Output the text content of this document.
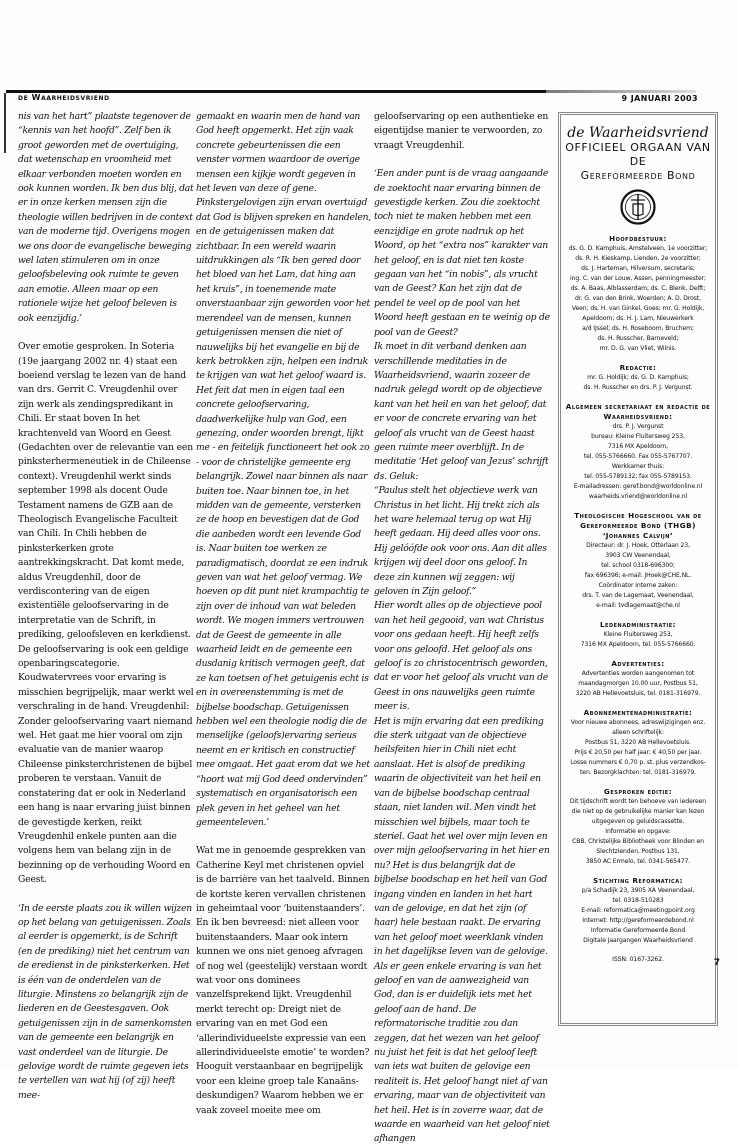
de Waarheidsvriend	9 JANUARI 2003

nis van het hart” plaatste tegenover de “kennis van het hoofd”. Zelf ben ik groot geworden met de overtuiging, dat wetenschap en vroomheid met elkaar verbonden moeten worden en ook kunnen worden. Ik ben dus blij, dat er in onze kerken mensen zijn die theologie willen bedrijven in de context van de moderne tijd. Overigens mogen we ons door de evangelische beweging wel laten stimuleren om in onze geloofsbeleving ook ruimte te geven aan emotie. Alleen maar op een rationele wijze het geloof beleven is ook eenzijdig.’

Over emotie gesproken. In Soteria (19e jaargang 2002 nr. 4) staat een boeiend verslag te lezen van de hand van drs. Gerrit C. Vreugdenhil over zijn werk als zendingspredikant in Chili. Er staat boven In het krachtenveld van Woord en Geest (Gedachten over de relevantie van een pinksterhermeneutiek in de Chileense context). Vreugdenhil werkt sinds september 1998 als docent Oude Testament namens de GZB aan de Theologisch Evangelische Faculteit van Chili. In Chili hebben de pinksterkerken grote aantrekkingskracht. Dat komt mede, aldus Vreugdenhil, door de verdiscontering van de eigen existentiële geloofservaring in de interpretatie van de Schrift, in prediking, geloofsleven en kerkdienst. De geloofservaring is ook een geldige openbaringscategorie. Koudwatervrees voor ervaring is misschien begrijpelijk, maar werkt wel verschraling in de hand. Vreugdenhil: Zonder geloofservaring vaart niemand wel. Het gaat me hier vooral om zijn evaluatie van de manier waarop Chileense pinksterchristenen de bijbel proberen te verstaan. Vanuit de constatering dat er ook in Nederland een hang is naar ervaring juist binnen de gevestigde kerken, reikt Vreugdenhil enkele punten aan die volgens hem van belang zijn in de bezinning op de verhouding Woord en Geest.

‘In de eerste plaats zou ik willen wijzen op het belang van getuigenissen. Zoals al eerder is opgemerkt, is de Schrift (en de prediking) niet het centrum van de eredienst in de pinksterkerken. Het is één van de onderdelen van de liturgie. Minstens zo belangrijk zijn de liederen en de Geestesgaven. Ook getuigenissen zijn in de samenkomsten van de gemeente een belangrijk en vast onderdeel van de liturgie. De gelovige wordt de ruimte gegeven iets te vertellen van wat hij (of zij) heeft mee-

gemaakt en waarin men de hand van God heeft opgemerkt. Het zijn vaak concrete gebeurtenissen die een venster vormen waardoor de overige mensen een kijkje wordt gegeven in het leven van deze of gene. Pinkstergelovigen zijn ervan overtuigd dat God is blijven spreken en handelen, en de getuigenissen maken dat zichtbaar. In een wereld waarin uitdrukkingen als “Ik ben gered door het bloed van het Lam, dat hing aan het kruis”, in toenemende mate onverstaanbaar zijn geworden voor het merendeel van de mensen, kunnen getuigenissen mensen die niet of nauwelijks bij het evangelie en bij de kerk betrokken zijn, helpen een indruk te krijgen van wat het geloof waard is. Het feit dat men in eigen taal een concrete geloofservaring, daadwerkelijke hulp van God, een genezing, onder woorden brengt, lijkt me - en feitelijk functioneert het ook zo - voor de christelijke gemeente erg belangrijk. Zowel naar binnen als naar buiten toe. Naar binnen toe, in het midden van de gemeente, versterken ze de hoop en bevestigen dat de God die aanbeden wordt een levende God is. Naar buiten toe werken ze paradigmatisch, doordat ze een indruk geven van wat het geloof vermag. We hoeven op dit punt niet krampachtig te zijn over de inhoud van wat beleden wordt. We mogen immers vertrouwen dat de Geest de gemeente in alle waarheid leidt en de gemeente een dusdanig kritisch vermogen geeft, dat ze kan toetsen of het getuigenis echt is en in overeenstemming is met de bijbelse boodschap. Getuigenissen hebben wel een theologie nodig die de menselijke (geloofs)ervaring serieus neemt en er kritisch en constructief mee omgaat. Het gaat erom dat we het “hoort wat mij God deed ondervinden” systematisch en organisatorisch een plek geven in het geheel van het gemeenteleven.’

Wat me in genoemde gesprekken van Catherine Keyl met christenen opviel is de barrière van het taalveld. Binnen de kortste keren vervallen christenen in geheimtaal voor ‘buitenstaanders’. En ik ben bevreesd: niet alleen voor buitenstaanders. Maar ook intern kunnen we ons niet genoeg afvragen of nog wel (geestelijk) verstaan wordt wat voor ons dominees vanzelfsprekend lijkt. Vreugdenhil merkt terecht op: Dreigt niet de ervaring van en met God een ‘allerindividueelste expressie van een allerindividueelste emotie’ te worden? Hooguit verstaanbaar en begrijpelijk voor een kleine groep tale Kanaäns-deskundigen? Waarom hebben we er vaak zoveel moeite mee om

geloofservaring op een authentieke en eigentijdse manier te verwoorden, zo vraagt Vreugdenhil.

‘Een ander punt is de vraag aangaande de zoektocht naar ervaring binnen de gevestigde kerken. Zou die zoektocht toch niet te maken hebben met een eenzijdige en grote nadruk op het Woord, op het “extra nos” karakter van het geloof, en is dat niet ten koste gegaan van het “in nobis”, als vrucht van de Geest? Kan het zijn dat de pendel te veel op de pool van het Woord heeft gestaan en te weinig op de pool van de Geest?

Ik moet in dit verband denken aan verschillende meditaties in de Waarheidsvriend, waarin zozeer de nadruk gelegd wordt op de objectieve kant van het heil en van het geloof, dat er voor de concrete ervaring van het geloof als vrucht van de Geest haast geen ruimte meer overblijft. In de meditatie ‘Het geloof van Jezus’ schrijft ds. Geluk:

“Paulus stelt het objectieve werk van Christus in het licht. Hij trekt zich als het ware helemaal terug op wat Hij heeft gedaan. Hij deed alles voor ons. Hij gelóófde ook voor ons. Aan dit alles krijgen wij deel door ons geloof. In deze zin kunnen wij zeggen: wij geloven in Zijn geloof.”

Hier wordt alles op de objectieve pool van het heil gegooid, van wat Christus voor ons gedaan heeft. Hij heeft zelfs voor ons geloofd. Het geloof als ons geloof is zo christocentrisch geworden, dat er voor het geloof als vrucht van de Geest in ons nauwelijks geen ruimte meer is.

Het is mijn ervaring dat een prediking die sterk uitgaat van de objectieve heilsfeiten hier in Chili niet echt aanslaat. Het is alsof de prediking waarin de objectiviteit van het heil en van de bijbelse boodschap centraal staan, niet landen wil. Men vindt het misschien wel bijbels, maar toch te steriel. Gaat het wel over mijn leven en over mijn geloofservaring in het hier en nu? Het is dus belangrijk dat de bijbelse boodschap en het heil van God ingang vinden en landen in het hart van de gelovige, en dat het zijn (of haar) hele bestaan raakt. De ervaring van het geloof moet weerklank vinden in het dagelijkse leven van de gelovige. Als er geen enkele ervaring is van het geloof en van de aanwezigheid van God, dan is er duidelijk iets met het geloof aan de hand. De reformatorische traditie zou dan zeggen, dat het wezen van het geloof nu juist het feit is dat het geloof leeft van iets wat buiten de gelovige een realiteit is. Het geloof hangt niet af van ervaring, maar van de objectiviteit van het heil. Het is in zoverre waar, dat de waarde en waarheid van het geloof niet afhangen

de Waarheidsvriend
OFFICIEEL ORGAAN VAN DE
Gereformeerde Bond
Hoofdbestuur:
ds. G. D. Kamphuis, Amstelveen, 1e voorzitter;
ds. R. H. Kieskamp, Lienden, 2e voorzitter;
ds. J. Harteman, Hilversum, secretaris;
ing. C. van der Louw, Assen, penningmeester;
ds. A. Baas, Alblasserdam; ds. C. Blenk, Delft;
dr. G. van den Brink, Woerden; A. D. Drost,
Veen; ds. H. van Ginkel, Goes; mr. G. Holdijk,
Apeldoorn; ds. H. J. Lam, Nieuwerkerk
a/d IJssel; ds. H. Roseboom, Bruchem;
ds. H. Russcher, Barneveld;
mr. D. G. van Vliet, Wilnis.
Redactie:
mr. G. Holdijk; ds. G. D. Kamphuis;
ds. H. Russcher en drs. P. J. Vergunst.
Algemeen secretariaat en redactie de Waarheidsvriend:
drs. P. J. Vergunst
bureau: Kleine Fluitersweg 253,
7316 MX Apeldoorn,
tel. 055-5766660. Fax 055-5767707.
Werkkamer thuis:
tel. 055-5789132; fax 055-5789153.
E-mailadressen: geref.bond@worldonline.nl
waarheids.vriend@worldonline.nl
Theologische Hogeschool van de Gereformeerde Bond (THGB) ‘Johannes Calvijn’
Directeur: dr. J. Hoek, Otterlaan 23,
3903 CW Veenendaal,
tel. school 0318-696300;
fax 696396; e-mail: JHoek@CHE.NL.
Coördinator interne zaken:
drs. T. van de Lagemaat, Veenendaal,
e-mail: tvdlagemaat@che.nl
Ledenadministratie:
Kleine Fluitersweg 253,
7316 MX Apeldoorn, tel. 055-5766660.
Advertenties:
Advertenties worden aangenomen tot
maandagmorgen 10.00 uur, Postbus 51,
3220 AB Hellevoetsluis, tel. 0181-316979.
Abonnementenadministratie:
Voor nieuwe abonnees, adreswijzigingen enz.
alleen schriftelijk:
Postbus 51, 3220 AB Hellevoetsluis.
Prijs € 20,50 per half jaar; € 40,50 per jaar.
Losse nummers € 0,70 p. st. plus verzendkos-
ten. Bezorgklachten: tel. 0181-316979.
Gesproken editie:
Dit tijdschrift wordt ten behoeve van iedereen
die niet op de gebruikelijke manier kan lezen
uitgegeven op geluidscassette.
Informatie en opgave:
CBB, Christelijke Bibliotheek voor Blinden en
Slechtzienden, Postbus 131,
3850 AC Ermelo, tel. 0341-565477.
Stichting Reformatica:
p/a Schadijk 23, 3905 XA Veenendaal,
tel. 0318-510283
E-mail: reformatica@meetingpoint.org
Internet: http://gereformeerdebond.nl
Informatie Gereformeerde Bond
Digitale Jaargangen Waarheidsvriend
ISSN: 0167-3262.	7
